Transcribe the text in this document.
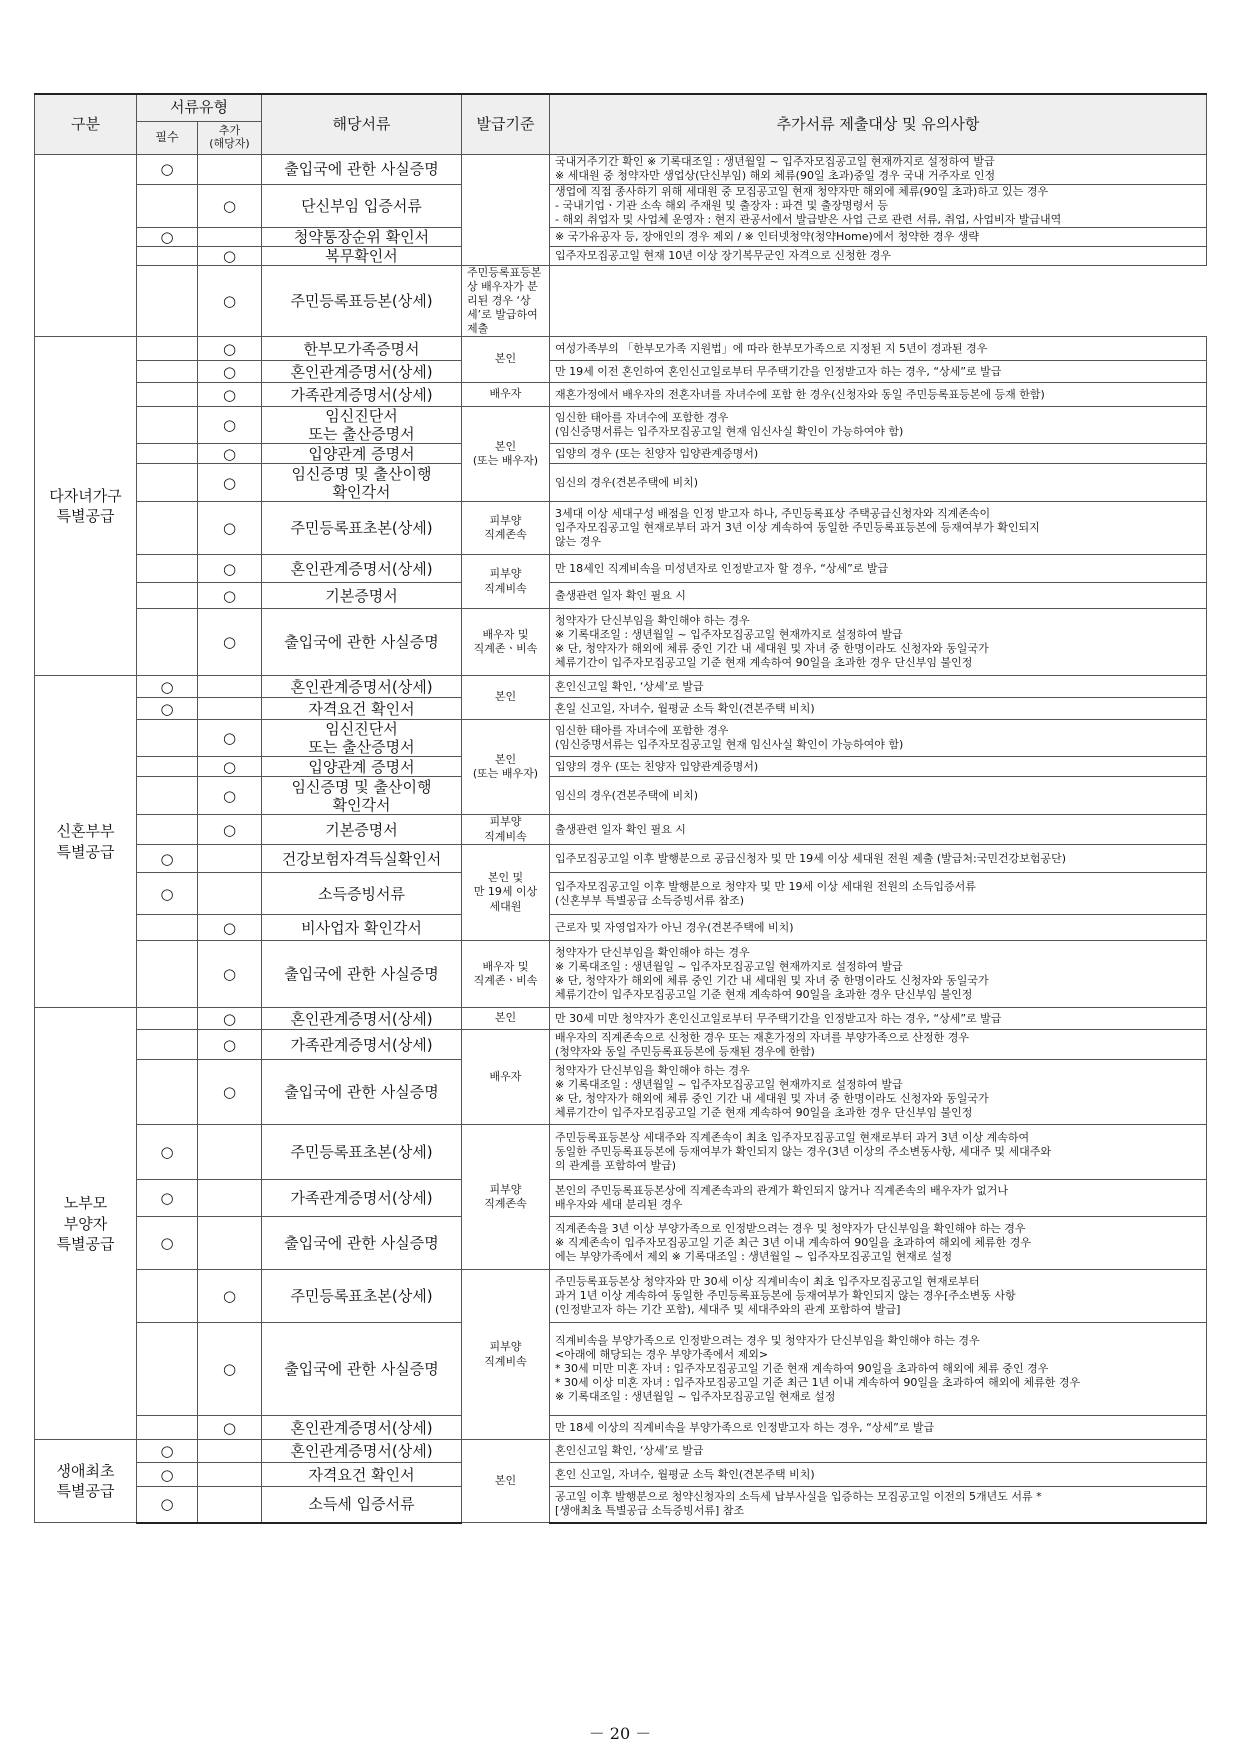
구분	서류유형		해당서류	발급기준	추가서류 제출대상 및 유의사항
	필수	추가
(해당자)			
	○		출입국에 관한 사실증명		국내거주기간 확인 ※ 기록대조일 : 생년월일 ~ 입주자모집공고일 현재까지로 설정하여 발급
※ 세대원 중 청약자만 생업상(단신부임) 해외 체류(90일 초과)중일 경우 국내 거주자로 인정
		○	단신부임 입증서류		생업에 직접 종사하기 위해 세대원 중 모집공고일 현재 청약자만 해외에 체류(90일 초과)하고 있는 경우
- 국내기업ㆍ기관 소속 해외 주재원 및 출장자 : 파견 및 출장명령서 등
- 해외 취업자 및 사업체 운영자 : 현지 관공서에서 발급받은 사업 근로 관련 서류, 취업, 사업비자 발급내역
	○		청약통장순위 확인서		※ 국가유공자 등, 장애인의 경우 제외 / ※ 인터넷청약(청약Home)에서 청약한 경우 생략
		○	복무확인서		입주자모집공고일 현재 10년 이상 장기복무군인 자격으로 신청한 경우
		○	주민등록표등본(상세)	주민등록표등본상 배우자가 분리된 경우 ‘상세’로 발급하여 제출	
다자녀가구
특별공급		○	한부모가족증명서	본인	여성가족부의 「한부모가족 지원법」에 따라 한부모가족으로 지정된 지 5년이 경과된 경우
		○	혼인관계증명서(상세)		만 19세 이전 혼인하여 혼인신고일로부터 무주택기간을 인정받고자 하는 경우, “상세”로 발급
		○	가족관계증명서(상세)	배우자	재혼가정에서 배우자의 전혼자녀를 자녀수에 포함 한 경우(신청자와 동일 주민등록표등본에 등재 한함)
		○	임신진단서
또는 출산증명서	본인
(또는 배우자)	임신한 태아를 자녀수에 포함한 경우
(임신증명서류는 입주자모집공고일 현재 임신사실 확인이 가능하여야 함)
		○	입양관계 증명서		입양의 경우 (또는 친양자 입양관계증명서)
		○	임신증명 및 출산이행
확인각서		임신의 경우(견본주택에 비치)
		○	주민등록표초본(상세)	피부양
직계존속	3세대 이상 세대구성 배점을 인정 받고자 하나, 주민등록표상 주택공급신청자와 직계존속이
입주자모집공고일 현재로부터 과거 3년 이상 계속하여 동일한 주민등록표등본에 등재여부가 확인되지
않는 경우
		○	혼인관계증명서(상세)	피부양
직계비속	만 18세인 직계비속을 미성년자로 인정받고자 할 경우, “상세”로 발급
		○	기본증명서		출생관련 일자 확인 필요 시
		○	출입국에 관한 사실증명	배우자 및
직계존ㆍ비속	청약자가 단신부임을 확인해야 하는 경우
※ 기록대조일 : 생년월일 ~ 입주자모집공고일 현재까지로 설정하여 발급
※ 단, 청약자가 해외에 체류 중인 기간 내 세대원 및 자녀 중 한명이라도 신청자와 동일국가
체류기간이 입주자모집공고일 기준 현재 계속하여 90일을 초과한 경우 단신부임 불인정
신혼부부
특별공급	○		혼인관계증명서(상세)	본인	혼인신고일 확인, ‘상세’로 발급
	○		자격요건 확인서		혼일 신고일, 자녀수, 월평균 소득 확인(견본주택 비치)
		○	임신진단서
또는 출산증명서	본인
(또는 배우자)	임신한 태아를 자녀수에 포함한 경우
(임신증명서류는 입주자모집공고일 현재 임신사실 확인이 가능하여야 함)
		○	입양관계 증명서		입양의 경우 (또는 친양자 입양관계증명서)
		○	임신증명 및 출산이행
확인각서		임신의 경우(견본주택에 비치)
		○	기본증명서	피부양
직계비속	출생관련 일자 확인 필요 시
	○		건강보험자격득실확인서	본인 및
만 19세 이상
세대원	입주모집공고일 이후 발행분으로 공급신청자 및 만 19세 이상 세대원 전원 제출 (발급처:국민건강보험공단)
	○		소득증빙서류		입주자모집공고일 이후 발행분으로 청약자 및 만 19세 이상 세대원 전원의 소득입증서류
(신혼부부 특별공급 소득증빙서류 참조)
		○	비사업자 확인각서		근로자 및 자영업자가 아닌 경우(견본주택에 비치)
		○	출입국에 관한 사실증명	배우자 및
직계존ㆍ비속	청약자가 단신부임을 확인해야 하는 경우
※ 기록대조일 : 생년월일 ~ 입주자모집공고일 현재까지로 설정하여 발급
※ 단, 청약자가 해외에 체류 중인 기간 내 세대원 및 자녀 중 한명이라도 신청자와 동일국가
체류기간이 입주자모집공고일 기준 현재 계속하여 90일을 초과한 경우 단신부임 불인정
노부모
부양자
특별공급		○	혼인관계증명서(상세)	본인	만 30세 미만 청약자가 혼인신고일로부터 무주택기간을 인정받고자 하는 경우, “상세”로 발급
		○	가족관계증명서(상세)	배우자	배우자의 직계존속으로 신청한 경우 또는 재혼가정의 자녀를 부양가족으로 산정한 경우
(청약자와 동일 주민등록표등본에 등재된 경우에 한함)
		○	출입국에 관한 사실증명		청약자가 단신부임을 확인해야 하는 경우
※ 기록대조일 : 생년월일 ~ 입주자모집공고일 현재까지로 설정하여 발급
※ 단, 청약자가 해외에 체류 중인 기간 내 세대원 및 자녀 중 한명이라도 신청자와 동일국가
체류기간이 입주자모집공고일 기준 현재 계속하여 90일을 초과한 경우 단신부임 불인정
	○		주민등록표초본(상세)	피부양
직계존속	주민등록표등본상 세대주와 직계존속이 최초 입주자모집공고일 현재로부터 과거 3년 이상 계속하여
동일한 주민등록표등본에 등재여부가 확인되지 않는 경우(3년 이상의 주소변동사항, 세대주 및 세대주와
의 관계를 포함하여 발급)
	○		가족관계증명서(상세)		본인의 주민등록표등본상에 직계존속과의 관계가 확인되지 않거나 직계존속의 배우자가 없거나
배우자와 세대 분리된 경우
	○		출입국에 관한 사실증명		직계존속을 3년 이상 부양가족으로 인정받으려는 경우 및 청약자가 단신부임을 확인해야 하는 경우
※ 직계존속이 입주자모집공고일 기준 최근 3년 이내 계속하여 90일을 초과하여 해외에 체류한 경우
에는 부양가족에서 제외 ※ 기록대조일 : 생년월일 ~ 입주자모집공고일 현재로 설정
		○	주민등록표초본(상세)	피부양
직계비속	주민등록표등본상 청약자와 만 30세 이상 직계비속이 최초 입주자모집공고일 현재로부터
과거 1년 이상 계속하여 동일한 주민등록표등본에 등재여부가 확인되지 않는 경우[주소변동 사항
(인정받고자 하는 기간 포함), 세대주 및 세대주와의 관계 포함하여 발급]
		○	출입국에 관한 사실증명		직계비속을 부양가족으로 인정받으려는 경우 및 청약자가 단신부임을 확인해야 하는 경우
<아래에 해당되는 경우 부양가족에서 제외>
* 30세 미만 미혼 자녀 : 입주자모집공고일 기준 현재 계속하여 90일을 초과하여 해외에 체류 중인 경우
* 30세 이상 미혼 자녀 : 입주자모집공고일 기준 최근 1년 이내 계속하여 90일을 초과하여 해외에 체류한 경우
※ 기록대조일 : 생년월일 ~ 입주자모집공고일 현재로 설정
		○	혼인관계증명서(상세)		만 18세 이상의 직계비속을 부양가족으로 인정받고자 하는 경우, “상세”로 발급
생애최초
특별공급	○		혼인관계증명서(상세)	본인	혼인신고일 확인, ‘상세’로 발급
	○		자격요건 확인서		혼인 신고일, 자녀수, 월평균 소득 확인(견본주택 비치)
	○		소득세 입증서류		공고일 이후 발행분으로 청약신청자의 소득세 납부사실을 입증하는 모집공고일 이전의 5개년도 서류 *
[생애최초 특별공급 소득증빙서류] 참조
－ 20 －
